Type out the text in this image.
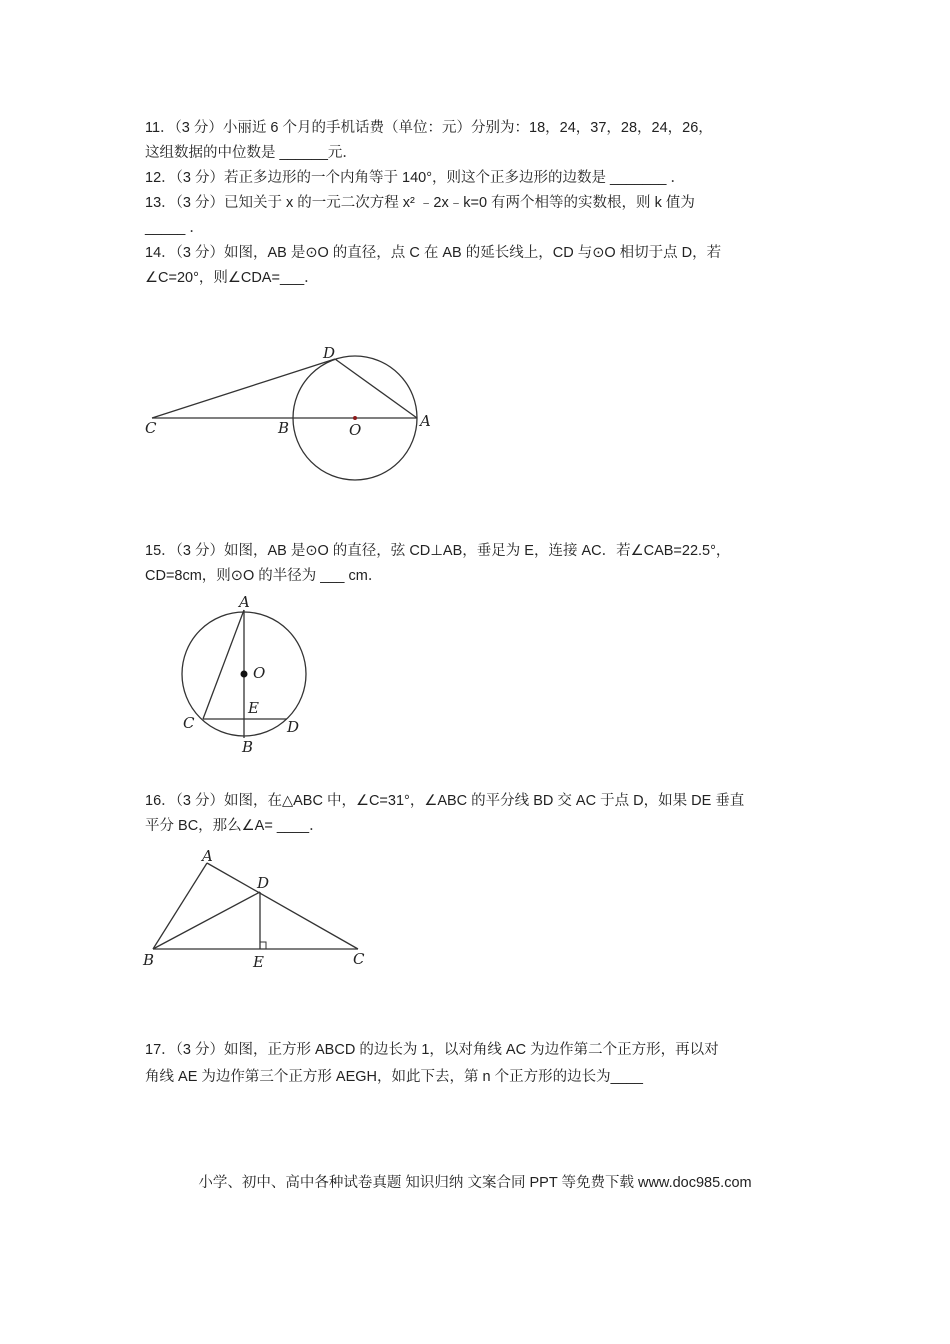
11．（3 分）小丽近 6 个月的手机话费（单位：元）分别为：18，24，37，28，24，26，
这组数据的中位数是 ______元．
12．（3 分）若正多边形的一个内角等于 140°，则这个正多边形的边数是 _______ ．
13．（3 分）已知关于 x 的一元二次方程 x² ﹣2x﹣k=0 有两个相等的实数根，则 k 值为
_____ ．
14．（3 分）如图，AB 是⊙O 的直径，点 C 在 AB 的延长线上，CD 与⊙O 相切于点 D，若
∠C=20°，则∠CDA=___．
D
C	B	O	A
15．（3 分）如图，AB 是⊙O 的直径，弦 CD⊥AB，垂足为 E，连接 AC．若∠CAB=22.5°，
CD=8cm，则⊙O 的半径为 ___ cm．
A
O
E
C	D
B
16．（3 分）如图，在△ABC 中，∠C=31°，∠ABC 的平分线 BD 交 AC 于点 D，如果 DE 垂直
平分 BC，那么∠A= ____．
A
D
B	E	C
17．（3 分）如图，正方形 ABCD 的边长为 1，以对角线 AC 为边作第二个正方形，再以对
角线 AE 为边作第三个正方形 AEGH，如此下去，第 n 个正方形的边长为____
小学、初中、高中各种试卷真题 知识归纳 文案合同 PPT 等免费下载 www.doc985.com
